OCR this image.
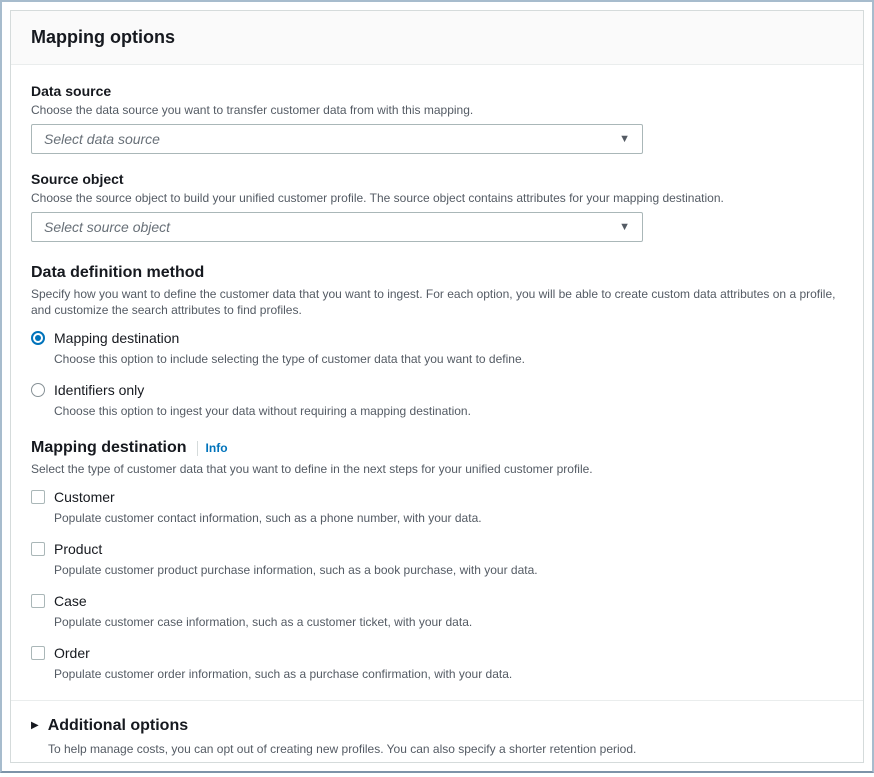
Mapping options
Data source
Choose the data source you want to transfer customer data from with this mapping.
Select data source	▼
Source object
Choose the source object to build your unified customer profile. The source object contains attributes for your mapping destination.
Select source object	▼
Data definition method
Specify how you want to define the customer data that you want to ingest. For each option, you will be able to create custom data attributes on a profile, and customize the search attributes to find profiles.
Mapping destination
Choose this option to include selecting the type of customer data that you want to define.
Identifiers only
Choose this option to ingest your data without requiring a mapping destination.
Mapping destination Info
Select the type of customer data that you want to define in the next steps for your unified customer profile.
Customer
Populate customer contact information, such as a phone number, with your data.
Product
Populate customer product purchase information, such as a book purchase, with your data.
Case
Populate customer case information, such as a customer ticket, with your data.
Order
Populate customer order information, such as a purchase confirmation, with your data.
▶ Additional options
To help manage costs, you can opt out of creating new profiles. You can also specify a shorter retention period.
